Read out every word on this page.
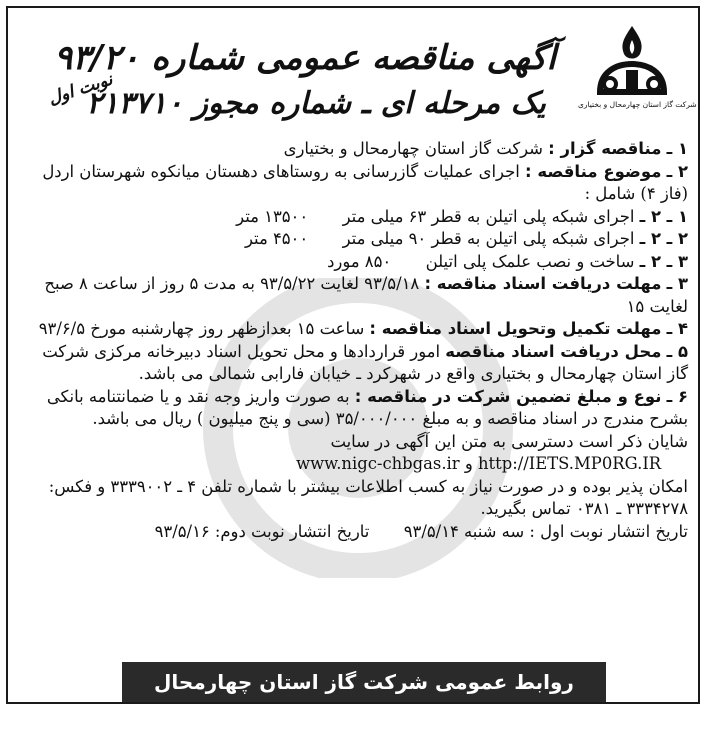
شرکت گاز استان چهارمحال و بختیاری
آگهی مناقصه عمومی شماره ۹۳/۲۰
یک مرحله ای ـ شماره مجوز ۲۱۳۷۱۰
نوبت اول

۱ ـ مناقصه گزار : شرکت گاز استان چهارمحال و بختیاری

۲ ـ موضوع مناقصه : اجرای عملیات گازرسانی به روستاهای دهستان میانکوه شهرستان اردل (فاز ۴) شامل :

۱ ـ ۲ ـ اجرای شبکه پلی اتیلن به قطر ۶۳ میلی متر  ۱۳۵۰۰ متر

۲ ـ ۲ ـ اجرای شبکه پلی اتیلن به قطر ۹۰ میلی متر  ۴۵۰۰ متر

۳ ـ ۲ ـ ساخت و نصب علمک پلی اتیلن  ۸۵۰ مورد

۳ ـ مهلت دریافت اسناد مناقصه : ۹۳/۵/۱۸ لغایت ۹۳/۵/۲۲ به مدت ۵ روز از ساعت ۸ صبح لغایت ۱۵

۴ ـ مهلت تکمیل وتحویل اسناد مناقصه : ساعت ۱۵ بعدازظهر روز چهارشنبه مورخ ۹۳/۶/۵

۵ ـ محل دریافت اسناد مناقصه امور قراردادها و محل تحویل اسناد دبیرخانه مرکزی شرکت گاز استان چهارمحال و بختیاری واقع در شهرکرد ـ خیابان فارابی شمالی می باشد.

۶ ـ نوع و مبلغ تضمین شرکت در مناقصه : به صورت واریز وجه نقد و یا ضمانتنامه بانکی بشرح مندرج در اسناد مناقصه و به مبلغ ۳۵/۰۰۰/۰۰۰ (سی و پنج میلیون ) ریال می باشد.

شایان ذکر است دسترسی به متن این آگهی در سایت

http://IETS.MP0RG.IR و www.nigc-chbgas.ir

امکان پذیر بوده و در صورت نیاز به کسب اطلاعات بیشتر با شماره تلفن ۴ ـ ۳۳۳۹۰۰۲ و فکس: ۳۳۳۴۲۷۸ ـ ۰۳۸۱ تماس بگیرید.

تاریخ انتشار نوبت اول : سه شنبه ۹۳/۵/۱۴  تاریخ انتشار نوبت دوم: ۹۳/۵/۱۶

روابط عمومی شرکت گاز استان چهارمحال وبختیاری
